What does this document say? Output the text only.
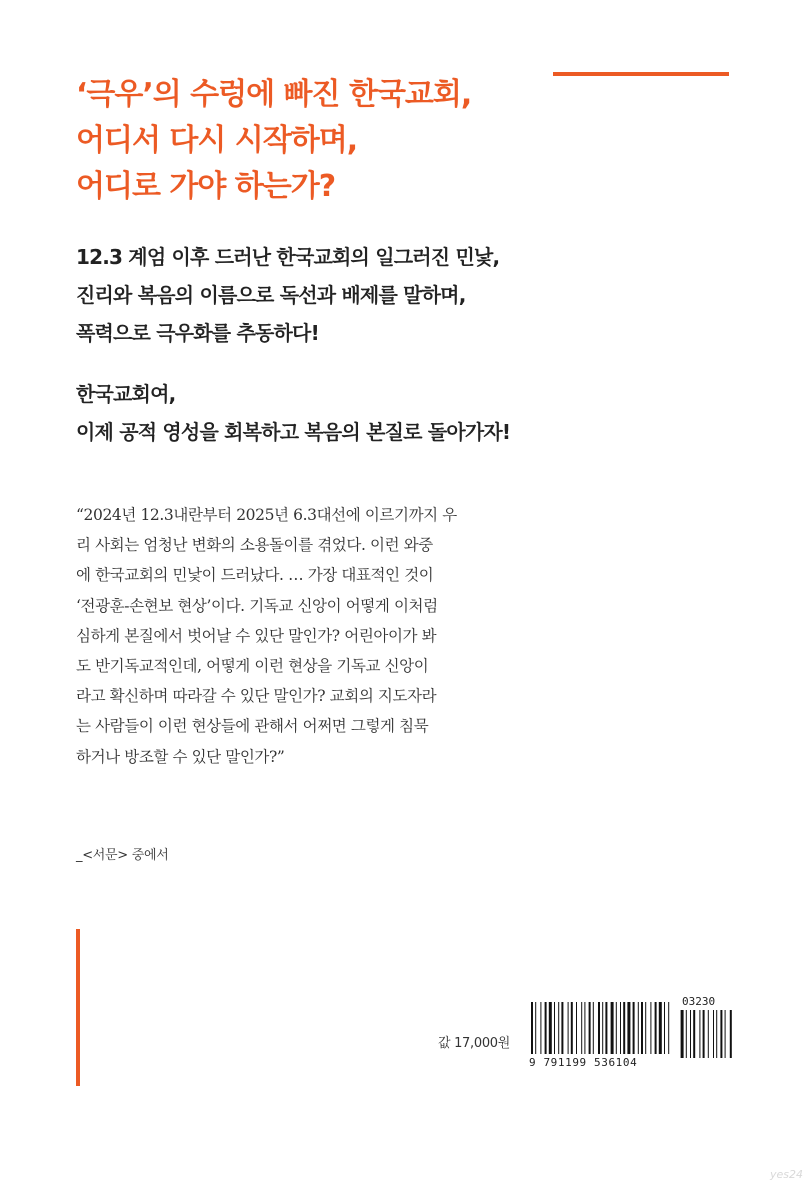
‘극우’의 수렁에 빠진 한국교회,
어디서 다시 시작하며,
어디로 가야 하는가?
12.3 계엄 이후 드러난 한국교회의 일그러진 민낯,
진리와 복음의 이름으로 독선과 배제를 말하며,
폭력으로 극우화를 추동하다!
한국교회여,
이제 공적 영성을 회복하고 복음의 본질로 돌아가자!
“2024년 12.3내란부터 2025년 6.3대선에 이르기까지 우
리 사회는 엄청난 변화의 소용돌이를 겪었다. 이런 와중
에 한국교회의 민낯이 드러났다. … 가장 대표적인 것이
‘전광훈-손현보 현상’이다. 기독교 신앙이 어떻게 이처럼
심하게 본질에서 벗어날 수 있단 말인가? 어린아이가 봐
도 반기독교적인데, 어떻게 이런 현상을 기독교 신앙이
라고 확신하며 따라갈 수 있단 말인가? 교회의 지도자라
는 사람들이 이런 현상들에 관해서 어쩌면 그렇게 침묵
하거나 방조할 수 있단 말인가?”
_<서문> 중에서
값 17,000원
03230
9 791199 536104
yes24
